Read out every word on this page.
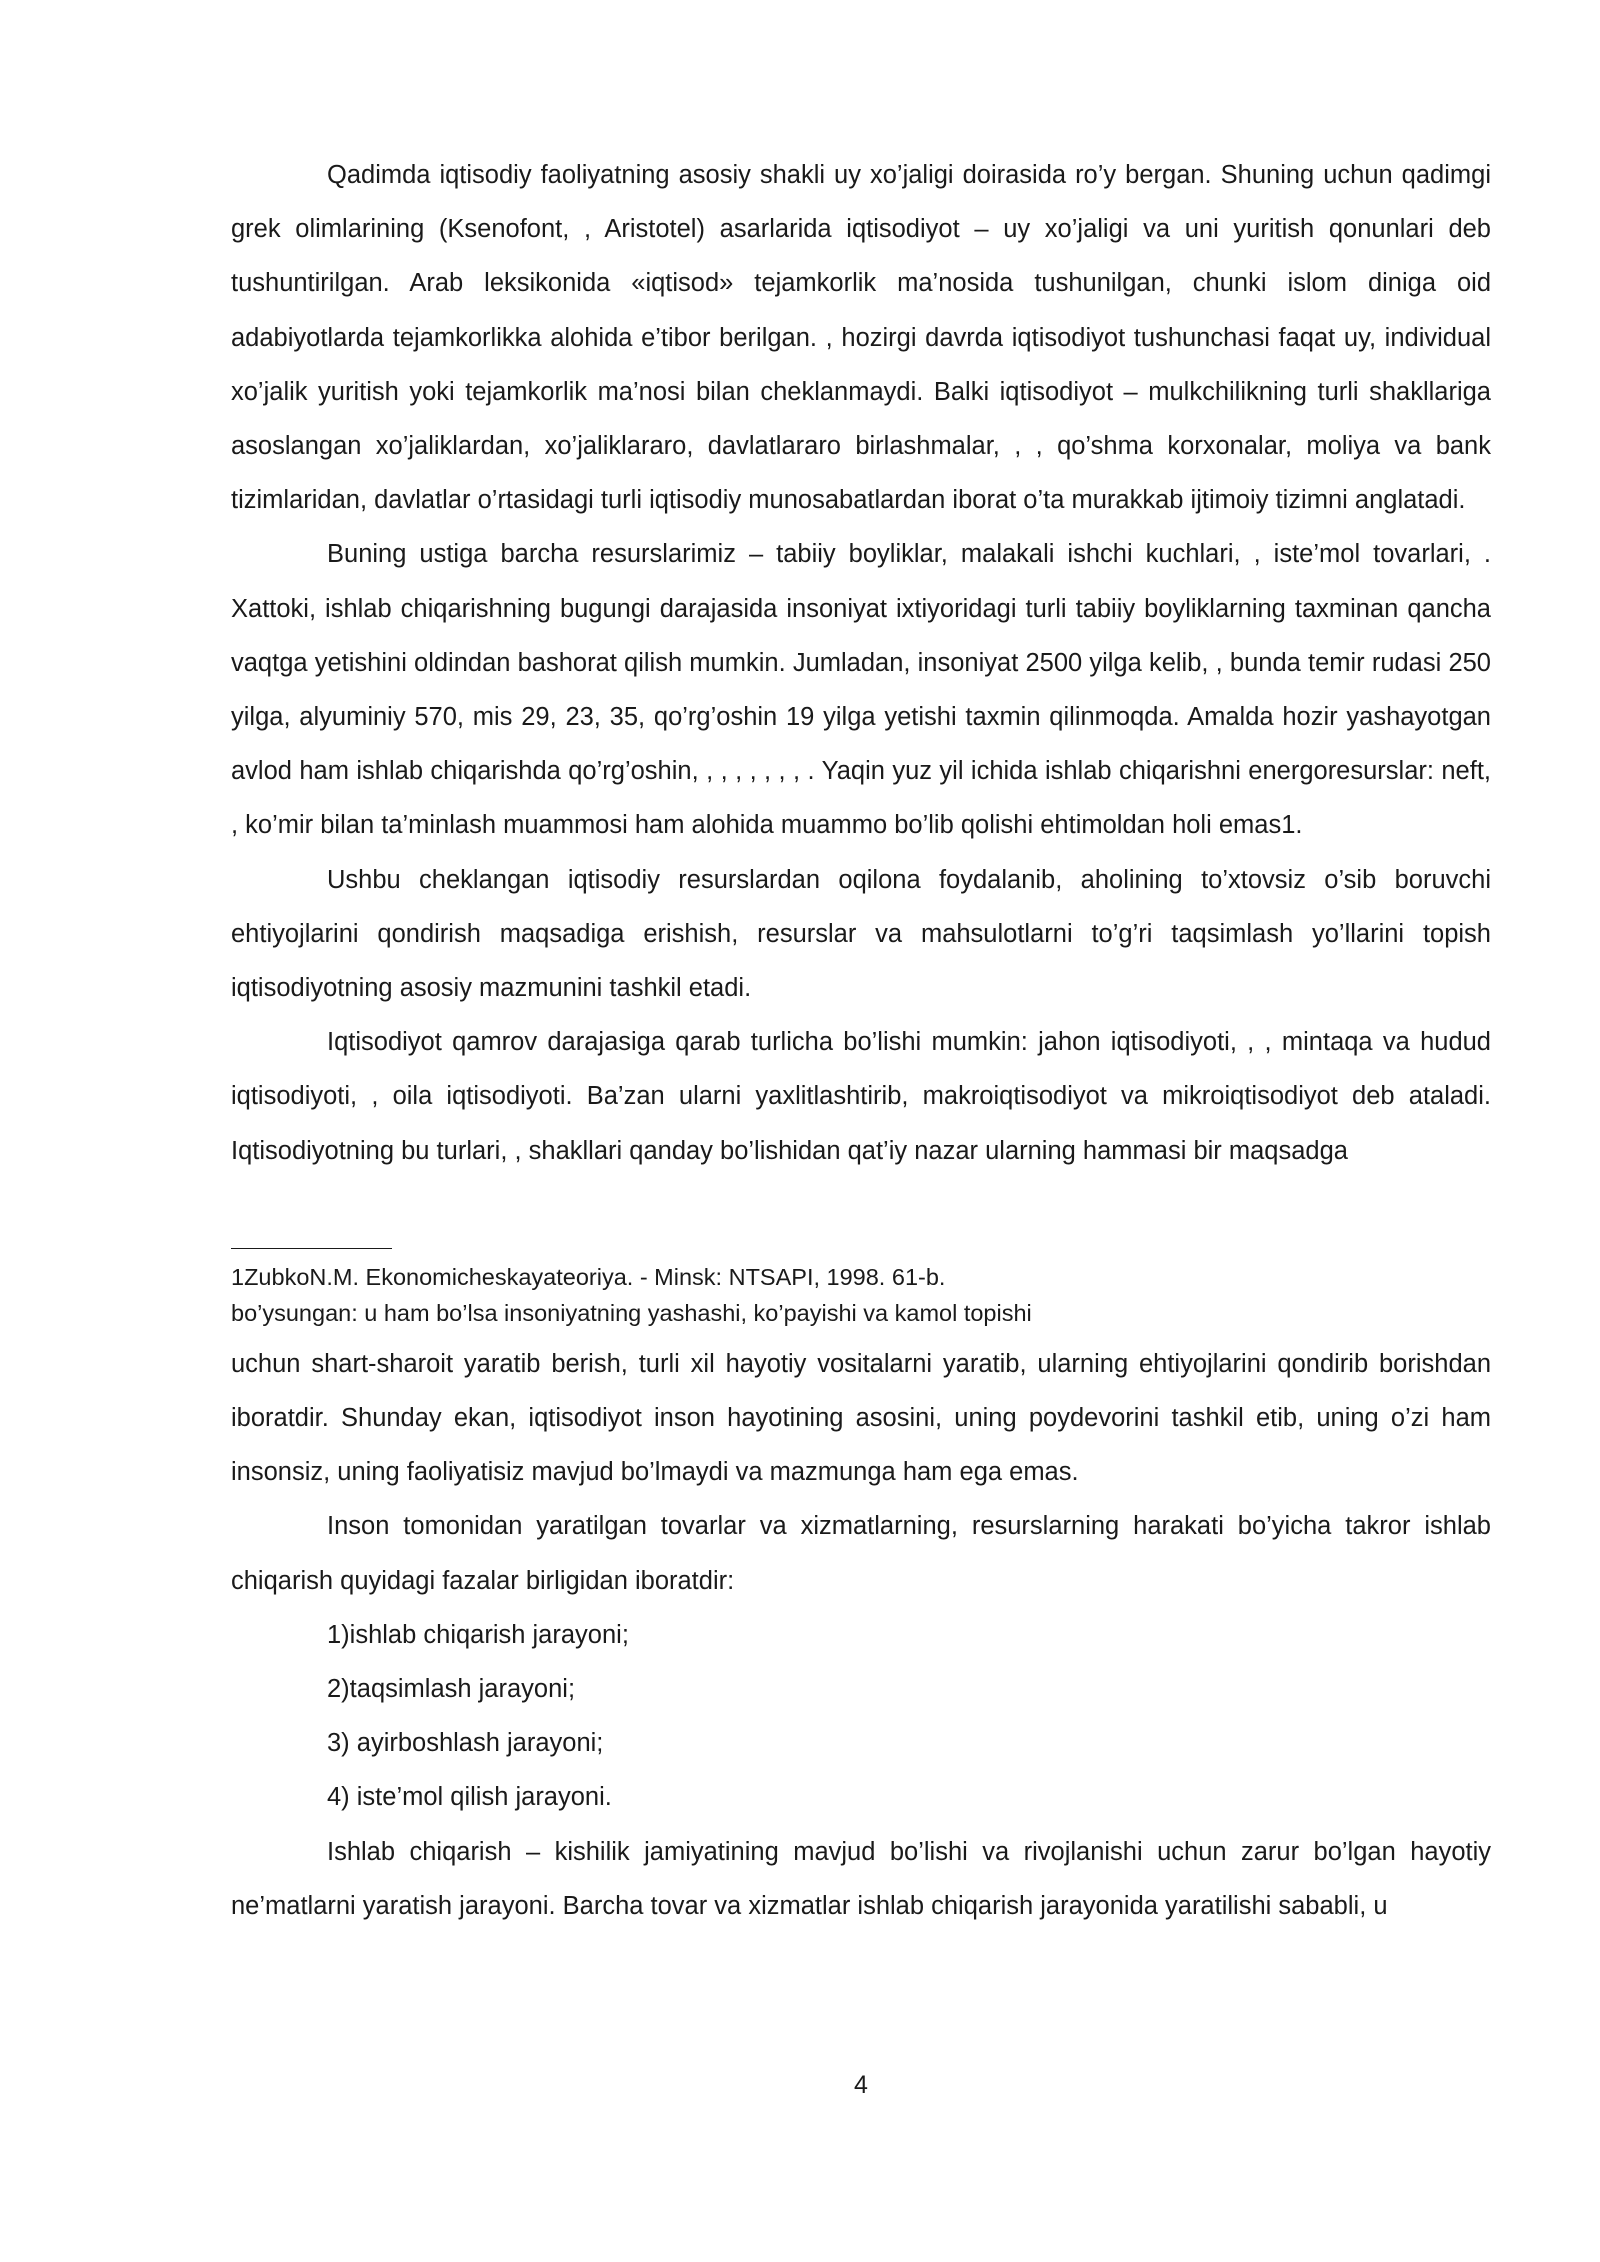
Qadimda iqtisodiy faoliyatning asosiy shakli uy xo’jaligi doirasida ro’y bergan. Shuning uchun qadimgi grek olimlarining (Ksenofont, , Aristotel) asarlarida iqtisodiyot – uy xo’jaligi va uni yuritish qonunlari deb tushuntirilgan. Arab leksikonida «iqtisod» tejamkorlik ma’nosida tushunilgan, chunki islom diniga oid adabiyotlarda tejamkorlikka alohida e’tibor berilgan. , hozirgi davrda iqtisodiyot tushunchasi faqat uy, individual xo’jalik yuritish yoki tejamkorlik ma’nosi bilan cheklanmaydi. Balki iqtisodiyot – mulkchilikning turli shakllariga asoslangan xo’jaliklardan, xo’jaliklararo, davlatlararo birlashmalar, , , qo’shma korxonalar, moliya va bank tizimlaridan, davlatlar o’rtasidagi turli iqtisodiy munosabatlardan iborat o’ta murakkab ijtimoiy tizimni anglatadi.

Buning ustiga barcha resurslarimiz – tabiiy boyliklar, malakali ishchi kuchlari, , iste’mol tovarlari, . Xattoki, ishlab chiqarishning bugungi darajasida insoniyat ixtiyoridagi turli tabiiy boyliklarning taxminan qancha vaqtga yetishini oldindan bashorat qilish mumkin. Jumladan, insoniyat 2500 yilga kelib, , bunda temir rudasi 250 yilga, alyuminiy 570, mis 29, 23, 35, qo’rg’oshin 19 yilga yetishi taxmin qilinmoqda. Amalda hozir yashayotgan avlod ham ishlab chiqarishda qo’rg’oshin, , , , , , , , . Yaqin yuz yil ichida ishlab chiqarishni energoresurslar: neft, , ko’mir bilan ta’minlash muammosi ham alohida muammo bo’lib qolishi ehtimoldan holi emas1.

Ushbu cheklangan iqtisodiy resurslardan oqilona foydalanib, aholining to’xtovsiz o’sib boruvchi ehtiyojlarini qondirish maqsadiga erishish, resurslar va mahsulotlarni to’g’ri taqsimlash yo’llarini topish iqtisodiyotning asosiy mazmunini tashkil etadi.

Iqtisodiyot qamrov darajasiga qarab turlicha bo’lishi mumkin: jahon iqtisodiyoti, , , mintaqa va hudud iqtisodiyoti, , oila iqtisodiyoti. Ba’zan ularni yaxlitlashtirib, makroiqtisodiyot va mikroiqtisodiyot deb ataladi. Iqtisodiyotning bu turlari, , shakllari qanday bo’lishidan qat’iy nazar ularning hammasi bir maqsadga

1ZubkoN.M. Ekonomicheskayateoriya. - Minsk: NTSAPI, 1998. 61-b.

bo’ysungan: u ham bo’lsa insoniyatning yashashi, ko’payishi va kamol topishi

uchun shart-sharoit yaratib berish, turli xil hayotiy vositalarni yaratib, ularning ehtiyojlarini qondirib borishdan iboratdir. Shunday ekan, iqtisodiyot inson hayotining asosini, uning poydevorini tashkil etib, uning o’zi ham insonsiz, uning faoliyatisiz mavjud bo’lmaydi va mazmunga ham ega emas.

Inson tomonidan yaratilgan tovarlar va xizmatlarning, resurslarning harakati bo’yicha takror ishlab chiqarish quyidagi fazalar birligidan iboratdir:

1)ishlab chiqarish jarayoni;

2)taqsimlash jarayoni;

3) ayirboshlash jarayoni;

4) iste’mol qilish jarayoni.

Ishlab chiqarish – kishilik jamiyatining mavjud bo’lishi va rivojlanishi uchun zarur bo’lgan hayotiy ne’matlarni yaratish jarayoni. Barcha tovar va xizmatlar ishlab chiqarish jarayonida yaratilishi sababli, u

4
